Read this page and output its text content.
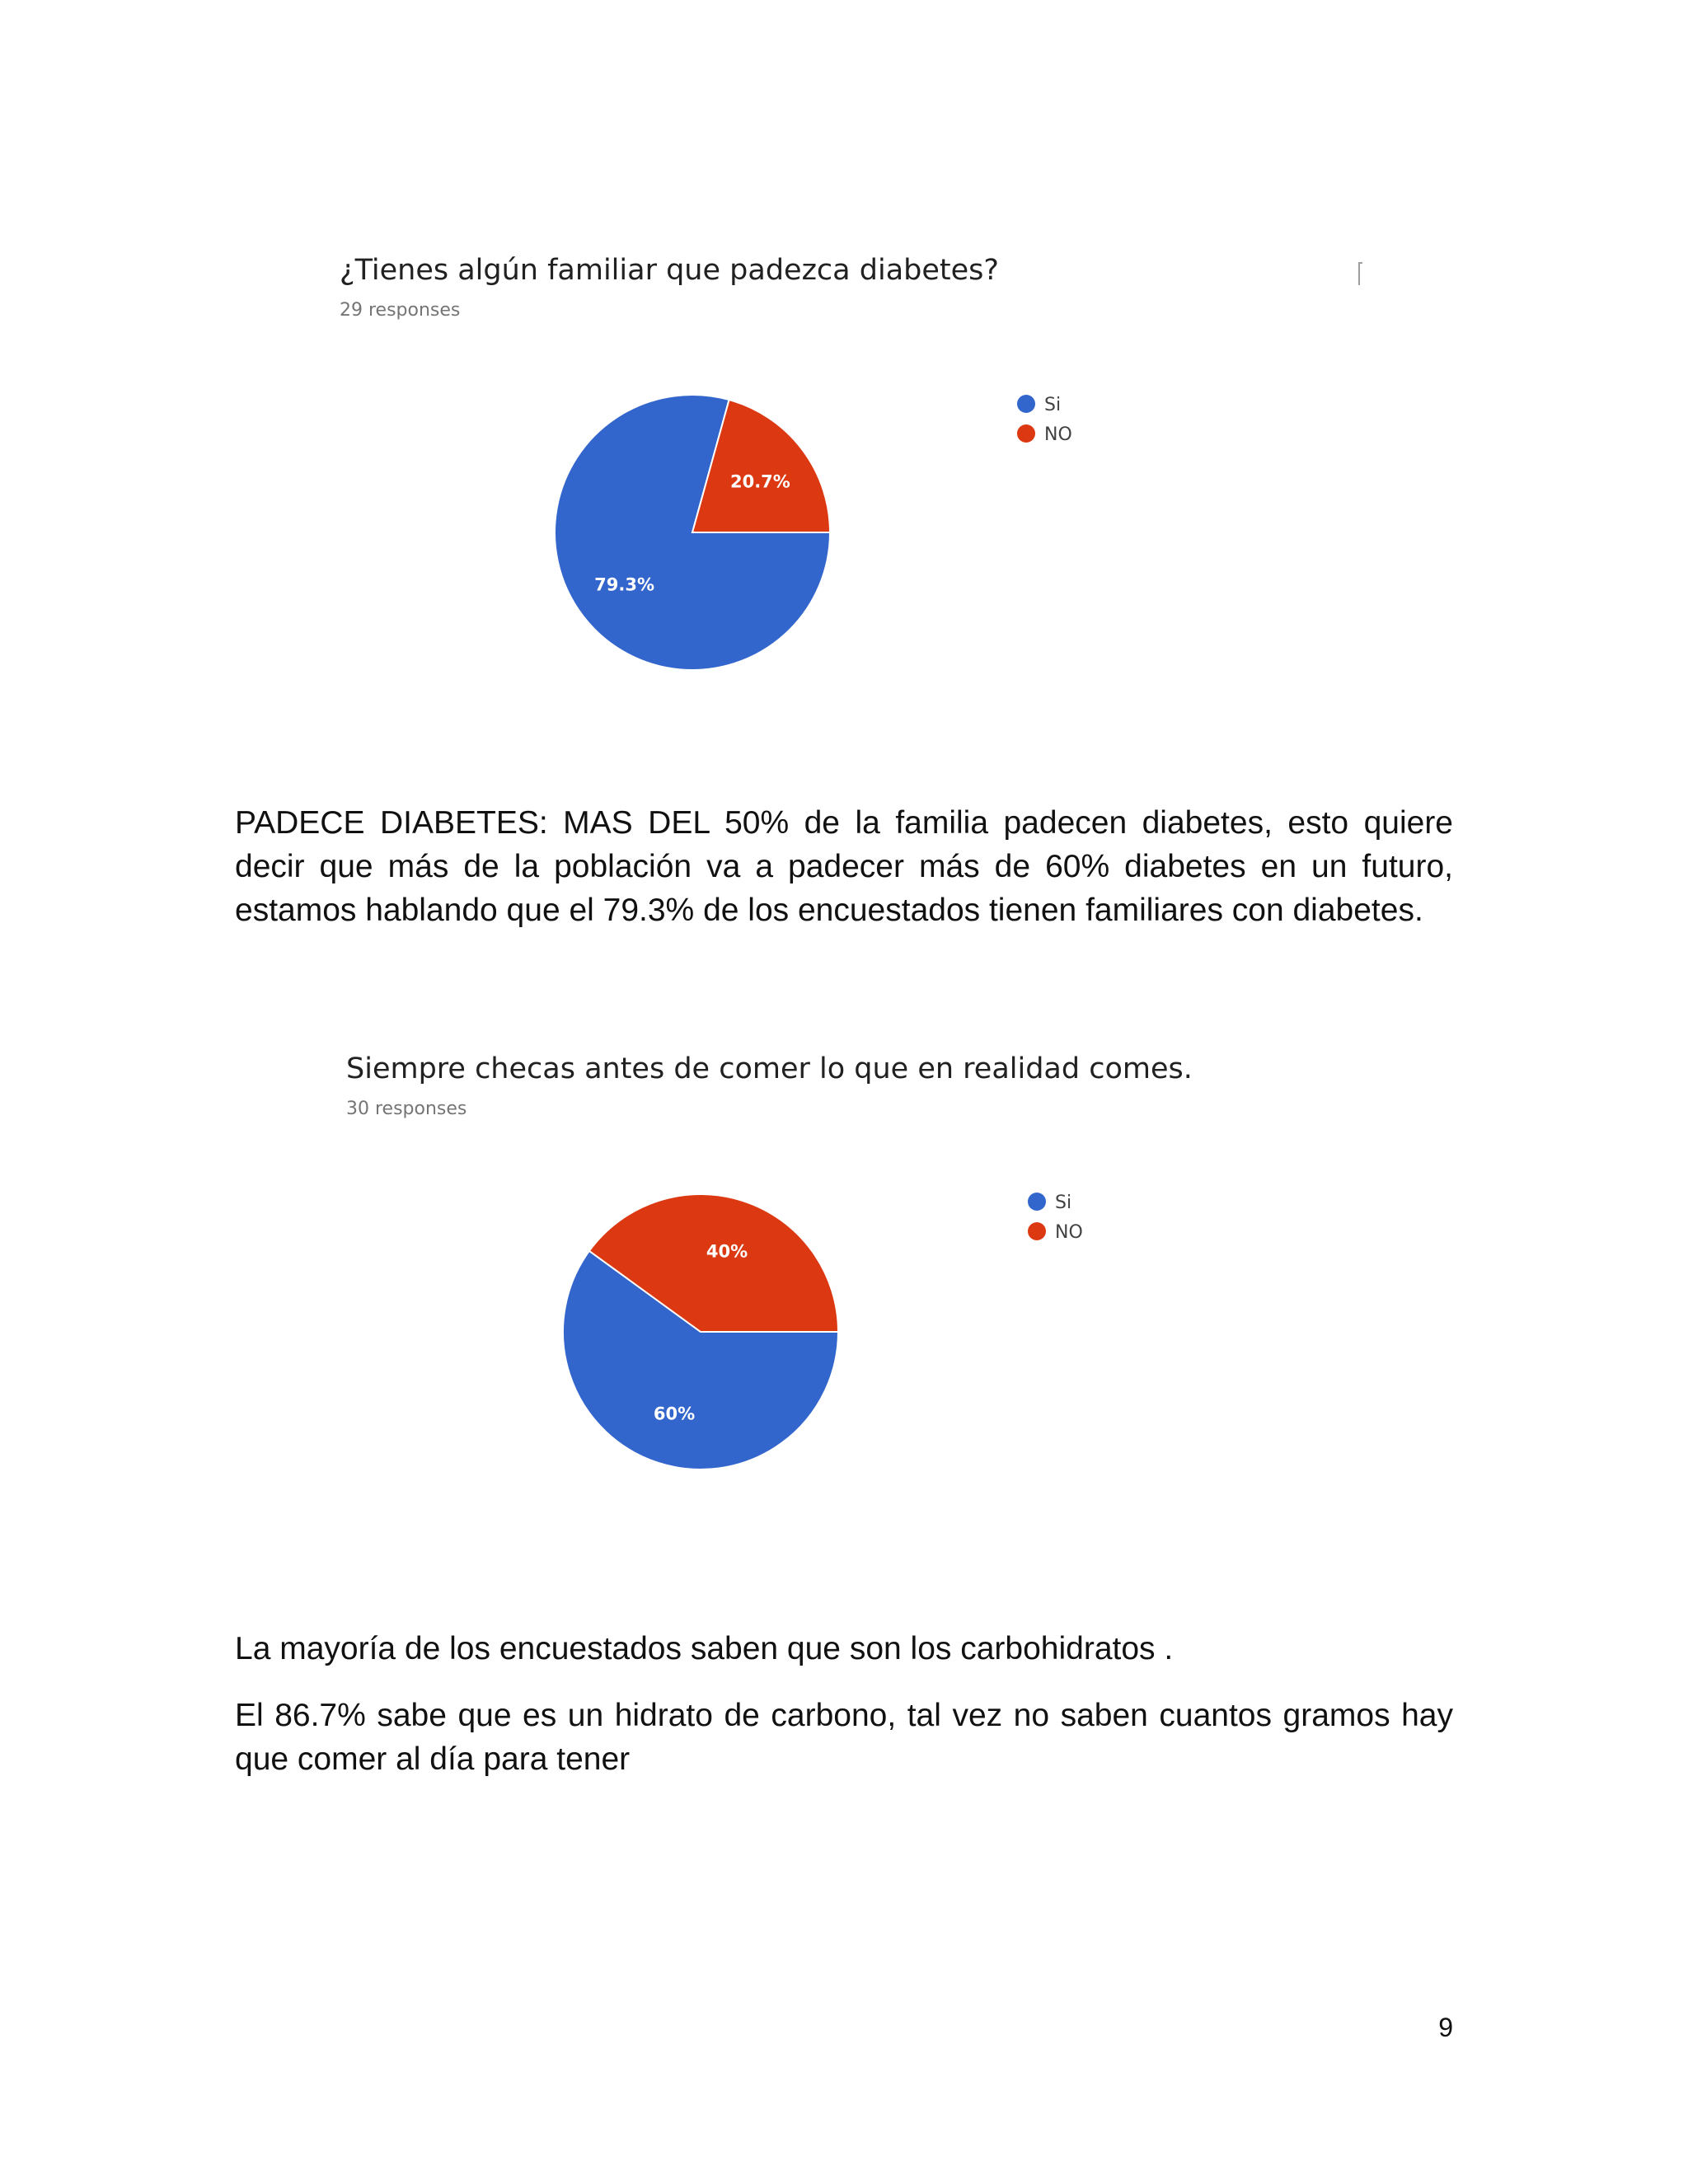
¿Tienes algún familiar que padezca diabetes?
29 responses
79.3%
20.7%
Si
NO

PADECE DIABETES: MAS DEL 50% de la familia padecen diabetes, esto quiere decir que más de la población va a padecer más de 60% diabetes en un futuro, estamos hablando que el 79.3% de los encuestados tienen familiares con diabetes.

Siempre checas antes de comer lo que en realidad comes.
30 responses
60%
40%
Si
NO

La mayoría de los encuestados saben que son los carbohidratos .

El 86.7% sabe que es un hidrato de carbono, tal vez no saben cuantos gramos hay que comer al día para tener

9
